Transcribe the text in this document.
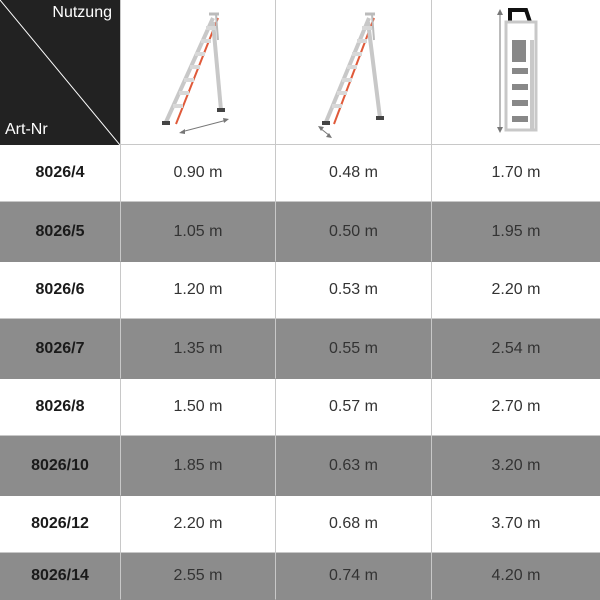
Nutzung
Art-Nr
8026/4	0.90 m	0.48 m	1.70 m
8026/5	1.05 m	0.50 m	1.95 m
8026/6	1.20 m	0.53 m	2.20 m
8026/7	1.35 m	0.55 m	2.54 m
8026/8	1.50 m	0.57 m	2.70 m
8026/10	1.85 m	0.63 m	3.20 m
8026/12	2.20 m	0.68 m	3.70 m
8026/14	2.55 m	0.74 m	4.20 m
